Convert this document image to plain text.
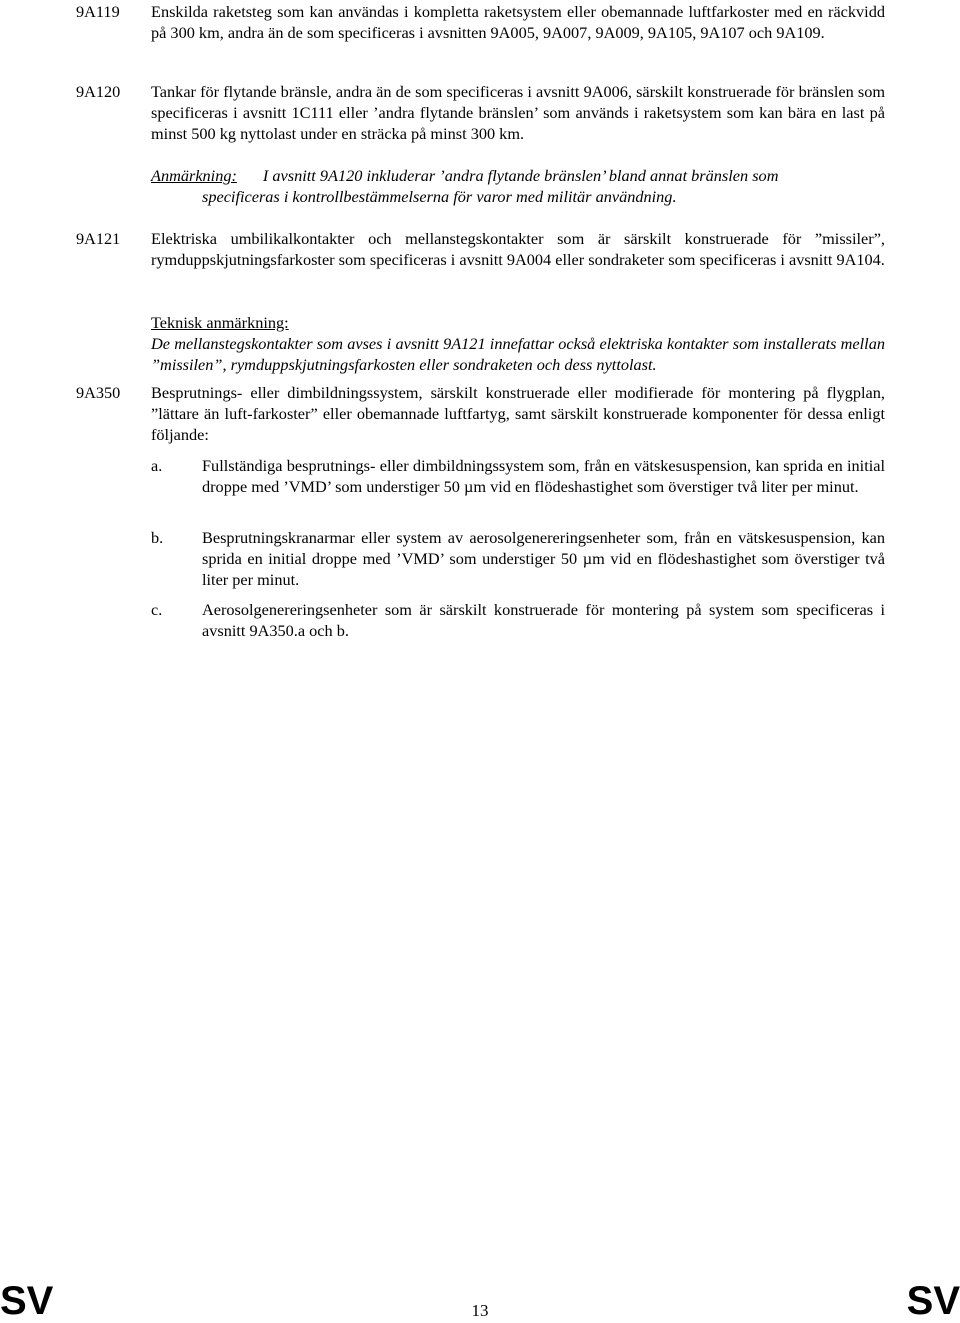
9A119 Enskilda raketsteg som kan användas i kompletta raketsystem eller obemannade luftfarkoster med en räckvidd på 300 km, andra än de som specificeras i avsnitten 9A005, 9A007, 9A009, 9A105, 9A107 och 9A109.
9A120 Tankar för flytande bränsle, andra än de som specificeras i avsnitt 9A006, särskilt konstruerade för bränslen som specificeras i avsnitt 1C111 eller ’andra flytande bränslen’ som används i raketsystem som kan bära en last på minst 500 kg nyttolast under en sträcka på minst 300 km.
Anmärkning: I avsnitt 9A120 inkluderar ’andra flytande bränslen’ bland annat bränslen som
specificeras i kontrollbestämmelserna för varor med militär användning.
9A121 Elektriska umbilikalkontakter och mellanstegskontakter som är särskilt konstruerade för ”missiler”, rymduppskjutningsfarkoster som specificeras i avsnitt 9A004 eller sondraketer som specificeras i avsnitt 9A104.
Teknisk anmärkning:
De mellanstegskontakter som avses i avsnitt 9A121 innefattar också elektriska kontakter som installerats mellan ”missilen”, rymduppskjutningsfarkosten eller sondraketen och dess nyttolast.
9A350 Besprutnings- eller dimbildningssystem, särskilt konstruerade eller modifierade för montering på flygplan, ”lättare än luft-farkoster” eller obemannade luftfartyg, samt särskilt konstruerade komponenter för dessa enligt följande:
a. Fullständiga besprutnings- eller dimbildningssystem som, från en vätskesuspension, kan sprida en initial droppe med ’VMD’ som understiger 50 µm vid en flödeshastighet som överstiger två liter per minut.
b. Besprutningskranarmar eller system av aerosolgenereringsenheter som, från en vätskesuspension, kan sprida en initial droppe med ’VMD’ som understiger 50 µm vid en flödeshastighet som överstiger två liter per minut.
c. Aerosolgenereringsenheter som är särskilt konstruerade för montering på system som specificeras i avsnitt 9A350.a och b.
SV	13	SV
